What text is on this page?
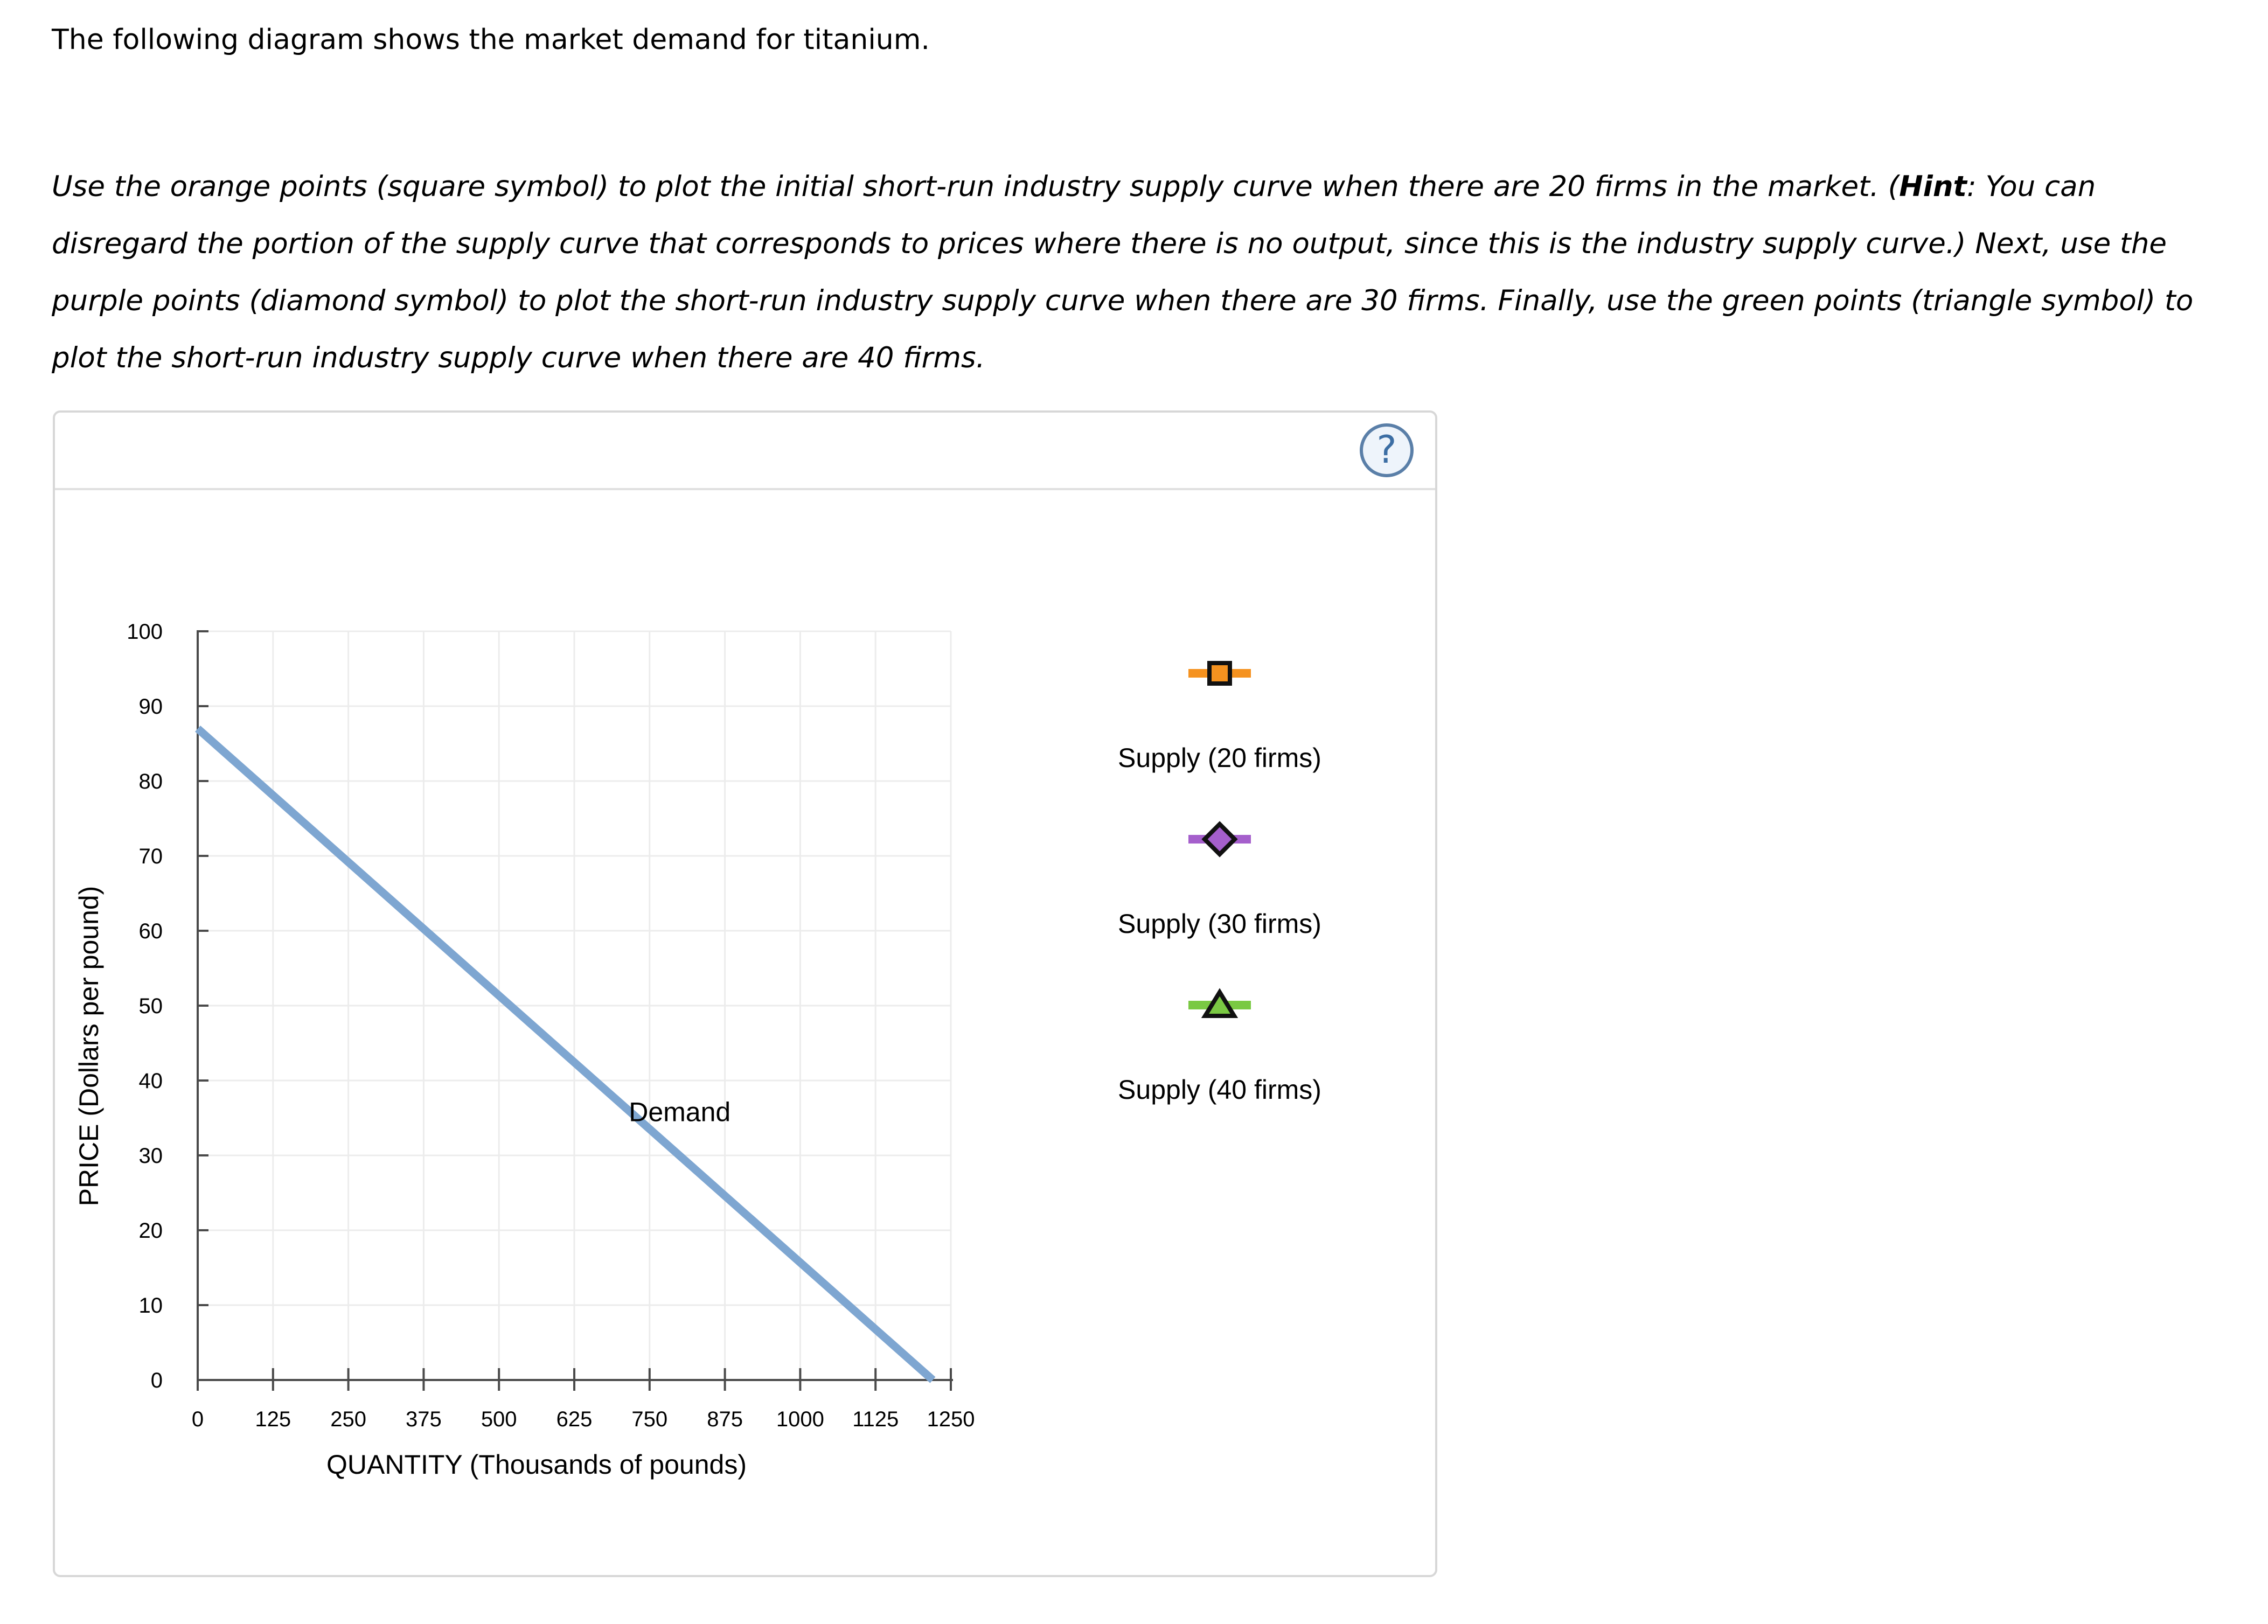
The following diagram shows the market demand for titanium.

Use the orange points (square symbol) to plot the initial short-run industry supply curve when there are 20 firms in the market. (Hint: You can disregard the portion of the supply curve that corresponds to prices where there is no output, since this is the industry supply curve.) Next, use the purple points (diamond symbol) to plot the short-run industry supply curve when there are 30 firms. Finally, use the green points (triangle symbol) to plot the short-run industry supply curve when there are 40 firms.

?
QUANTITY (Thousands of pounds)
PRICE (Dollars per pound)
0
10
20
30
40
50
60
70
80
90
100
0 125 250 375 500 625 750 875 1000 1125 1250
Demand
Supply (20 firms)
Supply (30 firms)
Supply (40 firms)
